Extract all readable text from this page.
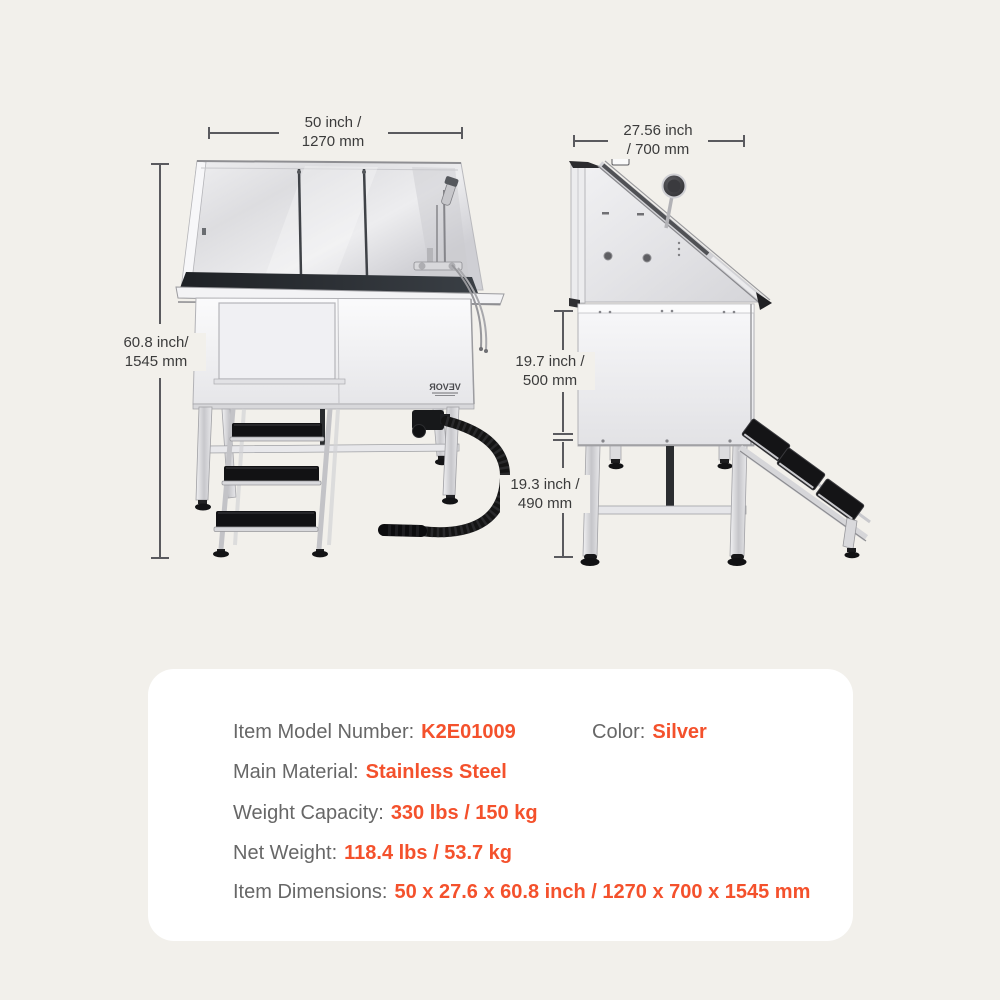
VEVOR
50 inch /
1270 mm
27.56 inch
/ 700 mm
60.8 inch/
1545 mm	19.7 inch /
500 mm
19.3 inch /
490 mm
Item Model Number: K2E01009	Color: Silver
Main Material: Stainless Steel
Weight Capacity: 330 lbs / 150 kg
Net Weight: 118.4 lbs / 53.7 kg
Item Dimensions: 50 x 27.6 x 60.8 inch / 1270 x 700 x 1545 mm
